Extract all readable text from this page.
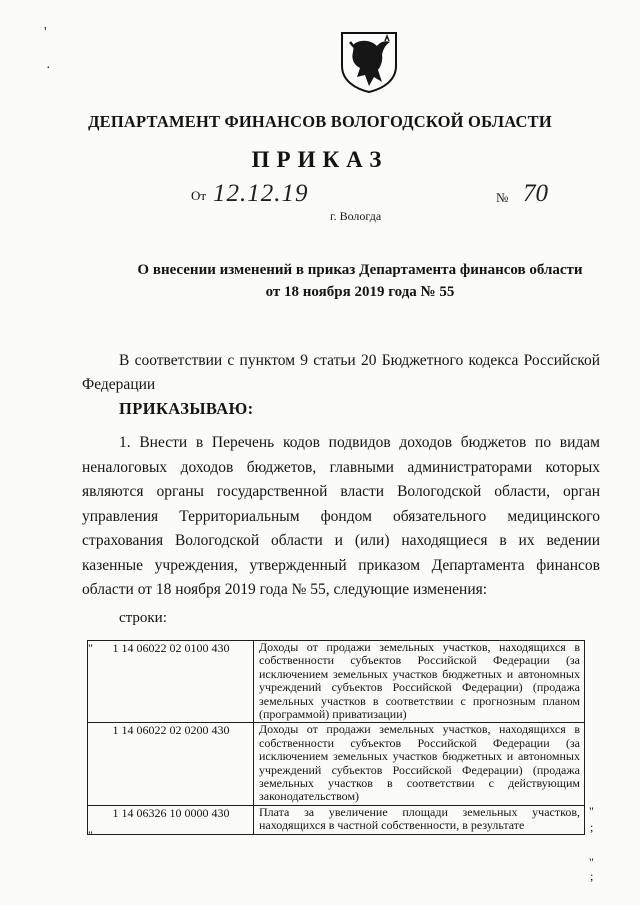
'
·
ДЕПАРТАМЕНТ ФИНАНСОВ ВОЛОГОДСКОЙ ОБЛАСТИ
ПРИКАЗ
От 12.12.19	№ 70
г. Вологда
О внесении изменений в приказ Департамента финансов области
от 18 ноября 2019 года № 55
В соответствии с пунктом 9 статьи 20 Бюджетного кодекса Российской Федерации
ПРИКАЗЫВАЮ:
1. Внести в Перечень кодов подвидов доходов бюджетов по видам неналоговых доходов бюджетов, главными администраторами которых являются органы государственной власти Вологодской области, орган управления Территориальным фондом обязательного медицинского страхования Вологодской области и (или) находящиеся в их ведении казенные учреждения, утвержденный приказом Департамента финансов области от 18 ноября 2019 года № 55, следующие изменения:
строки:
"
"
"
;
"
;
1 14 06022 02 0100 430	Доходы от продажи земельных участков, находящихся в собственности субъектов Российской Федерации (за исключением земельных участков бюджетных и автономных учреждений субъектов Российской Федерации) (продажа земельных участков в соответствии с прогнозным планом (программой) приватизации)
1 14 06022 02 0200 430	Доходы от продажи земельных участков, находящихся в собственности субъектов Российской Федерации (за исключением земельных участков бюджетных и автономных учреждений субъектов Российской Федерации) (продажа земельных участков в соответствии с действующим законодательством)
1 14 06326 10 0000 430	Плата за увеличение площади земельных участков, находящихся в частной собственности, в результате
